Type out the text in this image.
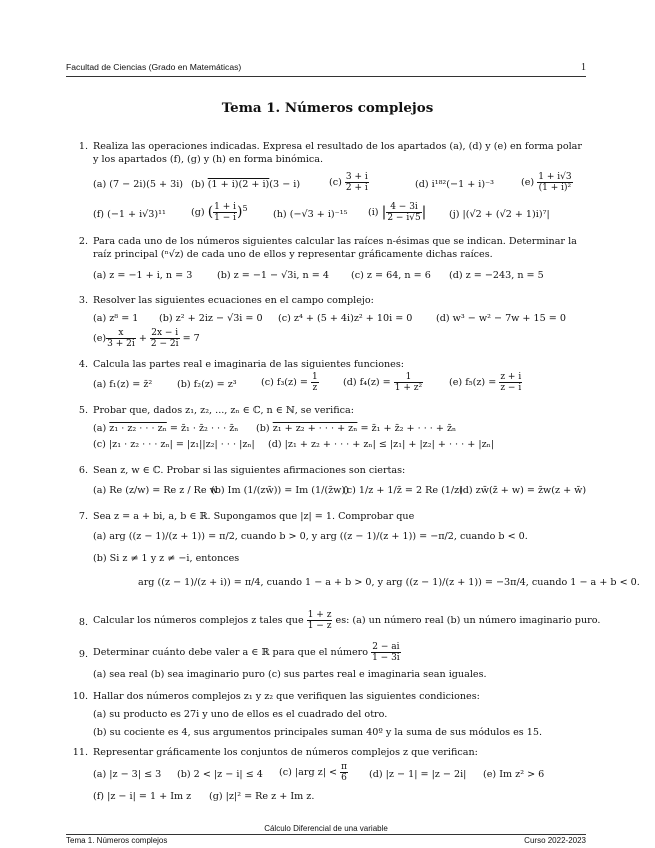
Facultad de Ciencias (Grado en Matemáticas)	1
Tema 1. Números complejos
1. Realiza las operaciones indicadas. Expresa el resultado de los apartados (a), (d) y (e) en forma polar y los apartados (f), (g) y (h) en forma binómica.
(a) (7 − 2i)(5 + 3i) (b) (1 + i)(2 + i)(3 − i)	$(c) \frac{3 + i}{2 + i}$	(d) i¹⁸²(−1 + i)⁻³	$(e) \frac{1 + i√3}{\text{(1 + i)²}}$
(f) (−1 + i√3)¹¹	(g) ( $\frac{1 + i}{1 - i} )^5$
(h) (−√3 + i)⁻¹⁵ (i) | $\frac{4 - 3i}{2 - i√5}$ | (j) |(√2 + (√2 + 1)i)⁷|
2. Para cada uno de los números siguientes calcular las raíces n-ésimas que se indican. Determinar la raíz principal (ⁿ√z) de cada uno de ellos y representar gráficamente dichas raíces.
(a) z = −1 + i, n = 3	(b) z = −1 − √3i, n = 4 (c) z = 64, n = 6 (d) z = −243, n = 5
3. Resolver las siguientes ecuaciones en el campo complejo:
(a) z⁸ = 1 (b) z² + 2iz − √3i = 0 (c) z⁴ + (5 + 4i)z² + 10i = 0 (d) w³ − w² − 7w + 15 = 0
$(e) \frac{x}{3 + 2i} + \frac{2x - i}{2 - 2i} = 7$
4. Calcula las partes real e imaginaria de las siguientes funciones:
(a) f₁(z) = z̄²	(b) f₂(z) = z³	(c) $f_3(z) = \frac{1}{z}$	(d) $f_4(z) = \frac{1}{\text{1 + z²}}$	(e) $f_5(z) = \frac{z + i}{z - i}$
5. Probar que, dados z₁, z₂, ..., zₙ ∈ ℂ, n ∈ ℕ, se verifica:
(a) z₁ · z₂ · · · zₙ = z̄₁ · z̄₂ · · · z̄ₙ (b) z₁ + z₂ + · · · + zₙ = z̄₁ + z̄₂ + · · · + z̄ₙ
(c) |z₁ · z₂ · · · zₙ| = |z₁||z₂| · · · |zₙ| (d) |z₁ + z₂ + · · · + zₙ| ≤ |z₁| + |z₂| + · · · + |zₙ|
6. Sean z, w ∈ ℂ. Probar si las siguientes afirmaciones son ciertas:
(a) Re (z/w) = Re z / Re w
(b) Im (1/(zw̄)) = Im (1/(z̄w))
(c) 1/z + 1/z̄ = 2 Re (1/z)
(d) zw̄(z̄ + w) = z̄w(z + w̄)
7. Sea z = a + bi, a, b ∈ ℝ. Supongamos que |z| = 1. Comprobar que
(a) arg ((z − 1)/(z + 1)) = π/2, cuando b > 0, y arg ((z − 1)/(z + 1)) = −π/2, cuando b < 0.
(b) Si z ≠ 1 y z ≠ −i, entonces
arg ((z − 1)/(z + i)) = π/4, cuando 1 − a + b > 0, y arg ((z − 1)/(z + 1)) = −3π/4, cuando 1 − a + b < 0.
8. Calcular los números complejos z tales que $\frac{1 + z}{1 - z}$ es: (a) un número real (b) un número imaginario puro.
9. Determinar cuánto debe valer a ∈ ℝ para que el número $\frac{2 - ai}{1 - 3i}$
(a) sea real (b) sea imaginario puro (c) sus partes real e imaginaria sean iguales.
10. Hallar dos números complejos z₁ y z₂ que verifiquen las siguientes condiciones:
(a) su producto es 27i y uno de ellos es el cuadrado del otro.
(b) su cociente es 4, sus argumentos principales suman 40º y la suma de sus módulos es 15.
11. Representar gráficamente los conjuntos de números complejos z que verifican:
(a) |z − 3| ≤ 3 (b) 2 < |z − i| ≤ 4 (c) |arg $z| < \frac{\pi}{6} (d) |z - 1| = |z - 2i|$ (e) Im z² > 6
(f) |z − i| = 1 + Im z (g) |z|² = Re z + Im z.
Cálculo Diferencial de una variable
Tema 1. Números complejos	Curso 2022-2023
